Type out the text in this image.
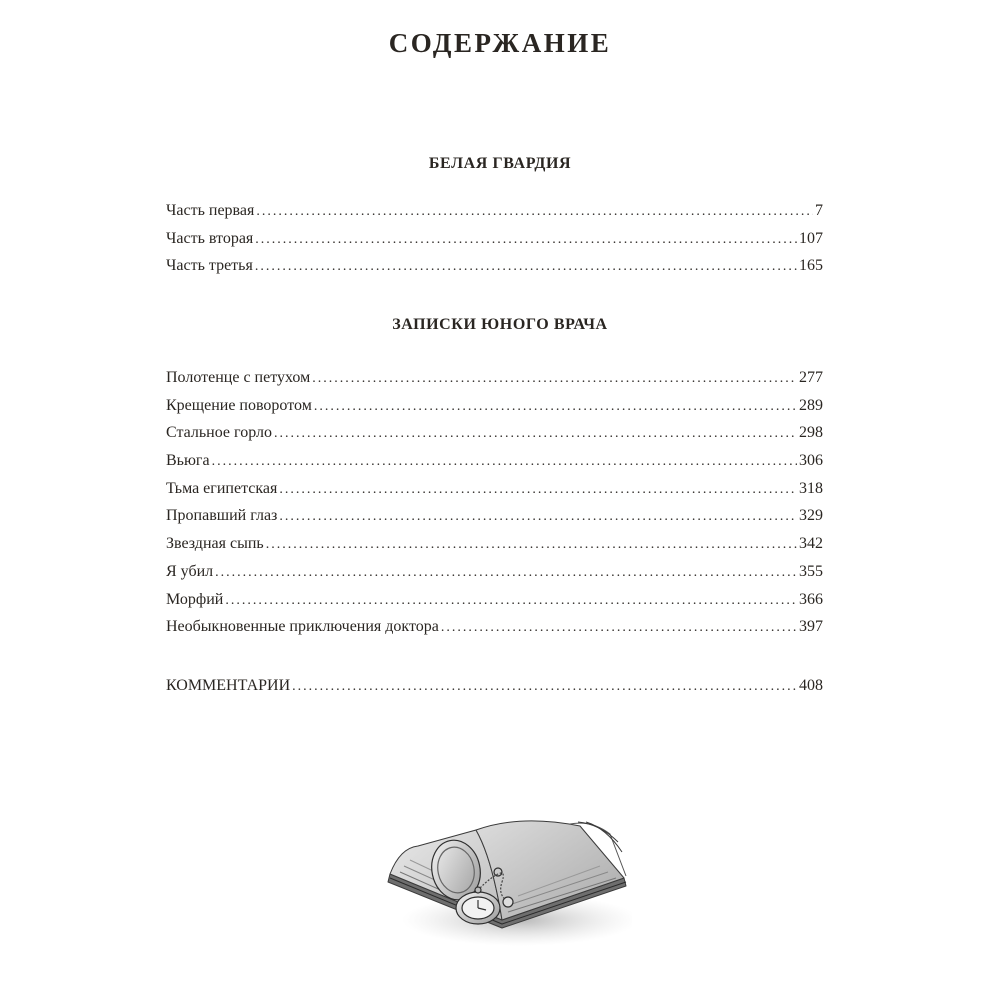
СОДЕРЖАНИЕ
БЕЛАЯ ГВАРДИЯ
Часть первая .....	7
Часть вторая .....	107
Часть третья .....	165
ЗАПИСКИ ЮНОГО ВРАЧА
Полотенце с петухом .....	277
Крещение поворотом .....	289
Стальное горло .....	298
Вьюга .....	306
Тьма египетская .....	318
Пропавший глаз .....	329
Звездная сыпь .....	342
Я убил .....	355
Морфий .....	366
Необыкновенные приключения доктора .....	397
КОММЕНТАРИИ .....	408
